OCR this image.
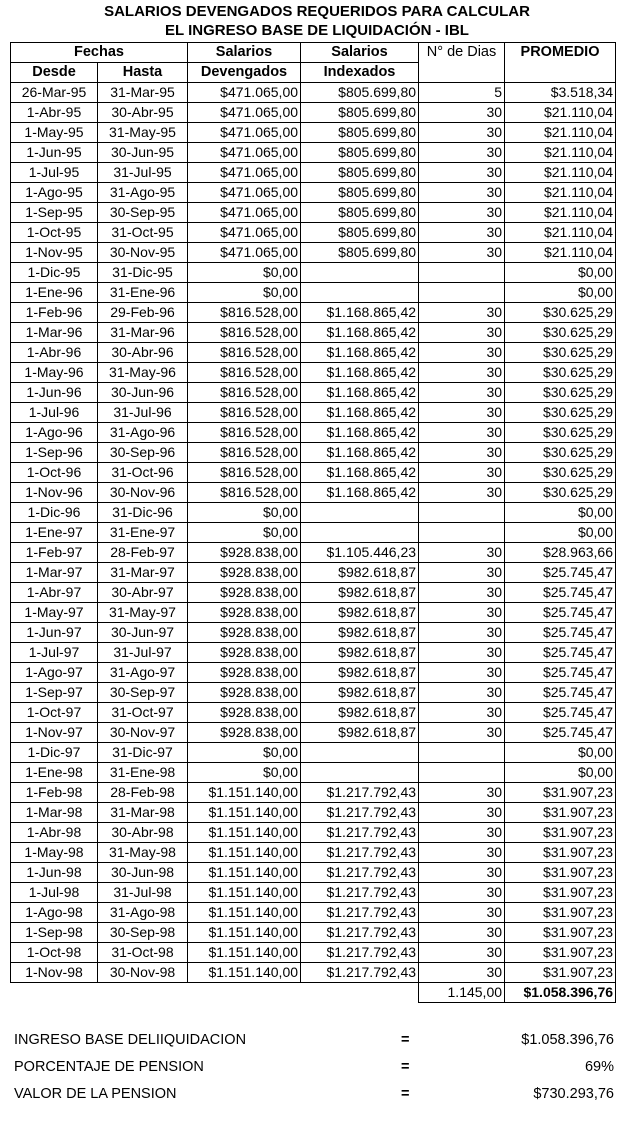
SALARIOS DEVENGADOS REQUERIDOS PARA CALCULAR
EL INGRESO BASE DE LIQUIDACIÓN - IBL
Fechas		Salarios	Salarios	N° de Dias	PROMEDIO
Desde	Hasta	Devengados	Indexados		
26-Mar-95	31-Mar-95	$471.065,00	$805.699,80	5	$3.518,34
1-Abr-95	30-Abr-95	$471.065,00	$805.699,80	30	$21.110,04
1-May-95	31-May-95	$471.065,00	$805.699,80	30	$21.110,04
1-Jun-95	30-Jun-95	$471.065,00	$805.699,80	30	$21.110,04
1-Jul-95	31-Jul-95	$471.065,00	$805.699,80	30	$21.110,04
1-Ago-95	31-Ago-95	$471.065,00	$805.699,80	30	$21.110,04
1-Sep-95	30-Sep-95	$471.065,00	$805.699,80	30	$21.110,04
1-Oct-95	31-Oct-95	$471.065,00	$805.699,80	30	$21.110,04
1-Nov-95	30-Nov-95	$471.065,00	$805.699,80	30	$21.110,04
1-Dic-95	31-Dic-95	$0,00			$0,00
1-Ene-96	31-Ene-96	$0,00			$0,00
1-Feb-96	29-Feb-96	$816.528,00	$1.168.865,42	30	$30.625,29
1-Mar-96	31-Mar-96	$816.528,00	$1.168.865,42	30	$30.625,29
1-Abr-96	30-Abr-96	$816.528,00	$1.168.865,42	30	$30.625,29
1-May-96	31-May-96	$816.528,00	$1.168.865,42	30	$30.625,29
1-Jun-96	30-Jun-96	$816.528,00	$1.168.865,42	30	$30.625,29
1-Jul-96	31-Jul-96	$816.528,00	$1.168.865,42	30	$30.625,29
1-Ago-96	31-Ago-96	$816.528,00	$1.168.865,42	30	$30.625,29
1-Sep-96	30-Sep-96	$816.528,00	$1.168.865,42	30	$30.625,29
1-Oct-96	31-Oct-96	$816.528,00	$1.168.865,42	30	$30.625,29
1-Nov-96	30-Nov-96	$816.528,00	$1.168.865,42	30	$30.625,29
1-Dic-96	31-Dic-96	$0,00			$0,00
1-Ene-97	31-Ene-97	$0,00			$0,00
1-Feb-97	28-Feb-97	$928.838,00	$1.105.446,23	30	$28.963,66
1-Mar-97	31-Mar-97	$928.838,00	$982.618,87	30	$25.745,47
1-Abr-97	30-Abr-97	$928.838,00	$982.618,87	30	$25.745,47
1-May-97	31-May-97	$928.838,00	$982.618,87	30	$25.745,47
1-Jun-97	30-Jun-97	$928.838,00	$982.618,87	30	$25.745,47
1-Jul-97	31-Jul-97	$928.838,00	$982.618,87	30	$25.745,47
1-Ago-97	31-Ago-97	$928.838,00	$982.618,87	30	$25.745,47
1-Sep-97	30-Sep-97	$928.838,00	$982.618,87	30	$25.745,47
1-Oct-97	31-Oct-97	$928.838,00	$982.618,87	30	$25.745,47
1-Nov-97	30-Nov-97	$928.838,00	$982.618,87	30	$25.745,47
1-Dic-97	31-Dic-97	$0,00			$0,00
1-Ene-98	31-Ene-98	$0,00			$0,00
1-Feb-98	28-Feb-98	$1.151.140,00	$1.217.792,43	30	$31.907,23
1-Mar-98	31-Mar-98	$1.151.140,00	$1.217.792,43	30	$31.907,23
1-Abr-98	30-Abr-98	$1.151.140,00	$1.217.792,43	30	$31.907,23
1-May-98	31-May-98	$1.151.140,00	$1.217.792,43	30	$31.907,23
1-Jun-98	30-Jun-98	$1.151.140,00	$1.217.792,43	30	$31.907,23
1-Jul-98	31-Jul-98	$1.151.140,00	$1.217.792,43	30	$31.907,23
1-Ago-98	31-Ago-98	$1.151.140,00	$1.217.792,43	30	$31.907,23
1-Sep-98	30-Sep-98	$1.151.140,00	$1.217.792,43	30	$31.907,23
1-Oct-98	31-Oct-98	$1.151.140,00	$1.217.792,43	30	$31.907,23
1-Nov-98	30-Nov-98	$1.151.140,00	$1.217.792,43	30	$31.907,23
				1.145,00	$1.058.396,76
INGRESO BASE DELIIQUIDACION	=	$1.058.396,76
PORCENTAJE DE PENSION	=	69%
VALOR DE LA PENSION	=	$730.293,76
